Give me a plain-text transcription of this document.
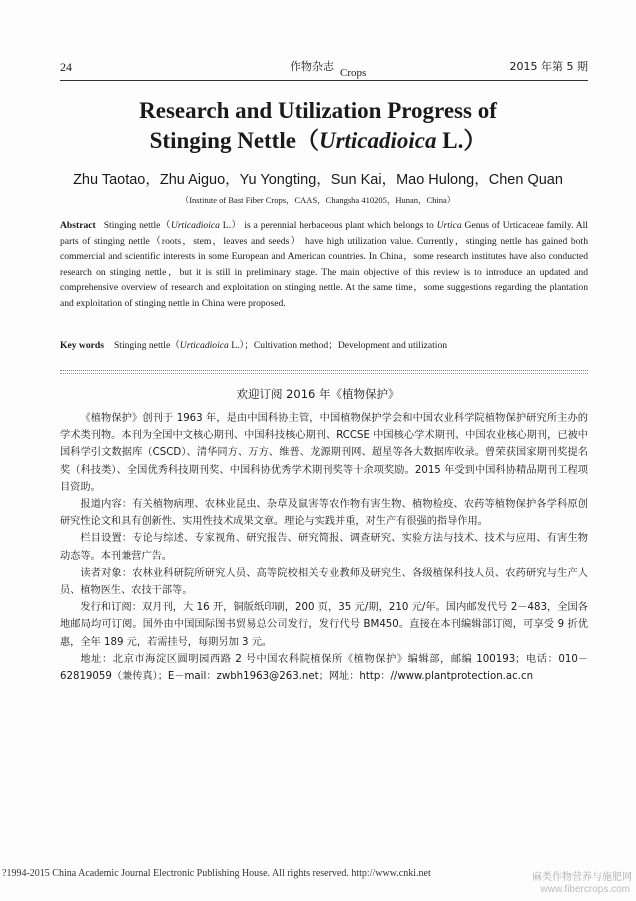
24	作物杂志 Crops	2015 年第 5 期
Research and Utilization Progress of
Stinging Nettle（Urticadioica L.）
Zhu Taotao，Zhu Aiguo，Yu Yongting，Sun Kai，Mao Hulong，Chen Quan
（Institute of Bast Fiber Crops，CAAS，Changsha 410205，Hunan，China）
Abstract Stinging nettle（Urticadioica L.） is a perennial herbaceous plant which belongs to Urtica Genus of Urticaceae family. All parts of stinging nettle（roots，stem，leaves and seeds） have high utilization value. Currently，stinging nettle has gained both commercial and scientific interests in some European and American countries. In China，some research institutes have also conducted research on stinging nettle，but it is still in preliminary stage. The main objective of this review is to introduce an updated and comprehensive overview of research and exploitation on stinging nettle. At the same time，some suggestions regarding the plantation and exploitation of stinging nettle in China were proposed.
Key words Stinging nettle（Urticadioica L.）；Cultivation method；Development and utilization
欢迎订阅 2016 年《植物保护》

《植物保护》创刊于 1963 年，是由中国科协主管，中国植物保护学会和中国农业科学院植物保护研究所主办的学术类刊物。本刊为全国中文核心期刊、中国科技核心期刊、RCCSE 中国核心学术期刊、中国农业核心期刊，已被中国科学引文数据库（CSCD）、清华同方、万方、维普、龙源期刊网、超星等各大数据库收录。曾荣获国家期刊奖提名奖（科技类）、全国优秀科技期刊奖、中国科协优秀学术期刊奖等十余项奖励。2015 年受到中国科协精品期刊工程项目资助。

报道内容：有关植物病理、农林业昆虫、杂草及鼠害等农作物有害生物、植物检疫、农药等植物保护各学科原创研究性论文和具有创新性、实用性技术成果文章。理论与实践并重，对生产有很强的指导作用。

栏目设置：专论与综述、专家视角、研究报告、研究简报、调查研究、实验方法与技术、技术与应用、有害生物动态等。本刊兼营广告。

读者对象：农林业科研院所研究人员、高等院校相关专业教师及研究生、各级植保科技人员、农药研究与生产人员、植物医生、农技干部等。

发行和订阅：双月刊，大 16 开，铜版纸印刷，200 页，35 元/期，210 元/年。国内邮发代号 2－483，全国各地邮局均可订阅。国外由中国国际图书贸易总公司发行，发行代号 BM450。直接在本刊编辑部订阅，可享受 9 折优惠，全年 189 元，若需挂号，每期另加 3 元。

地址：北京市海淀区圆明园西路 2 号中国农科院植保所《植物保护》编辑部，邮编 100193；电话：010－62819059（兼传真）；E－mail：zwbh1963@263.net；网址：http：//www.plantprotection.ac.cn

?1994-2015 China Academic Journal Electronic Publishing House. All rights reserved. http://www.cnki.net	麻类作物营养与施肥网
www.fibercrops.com
